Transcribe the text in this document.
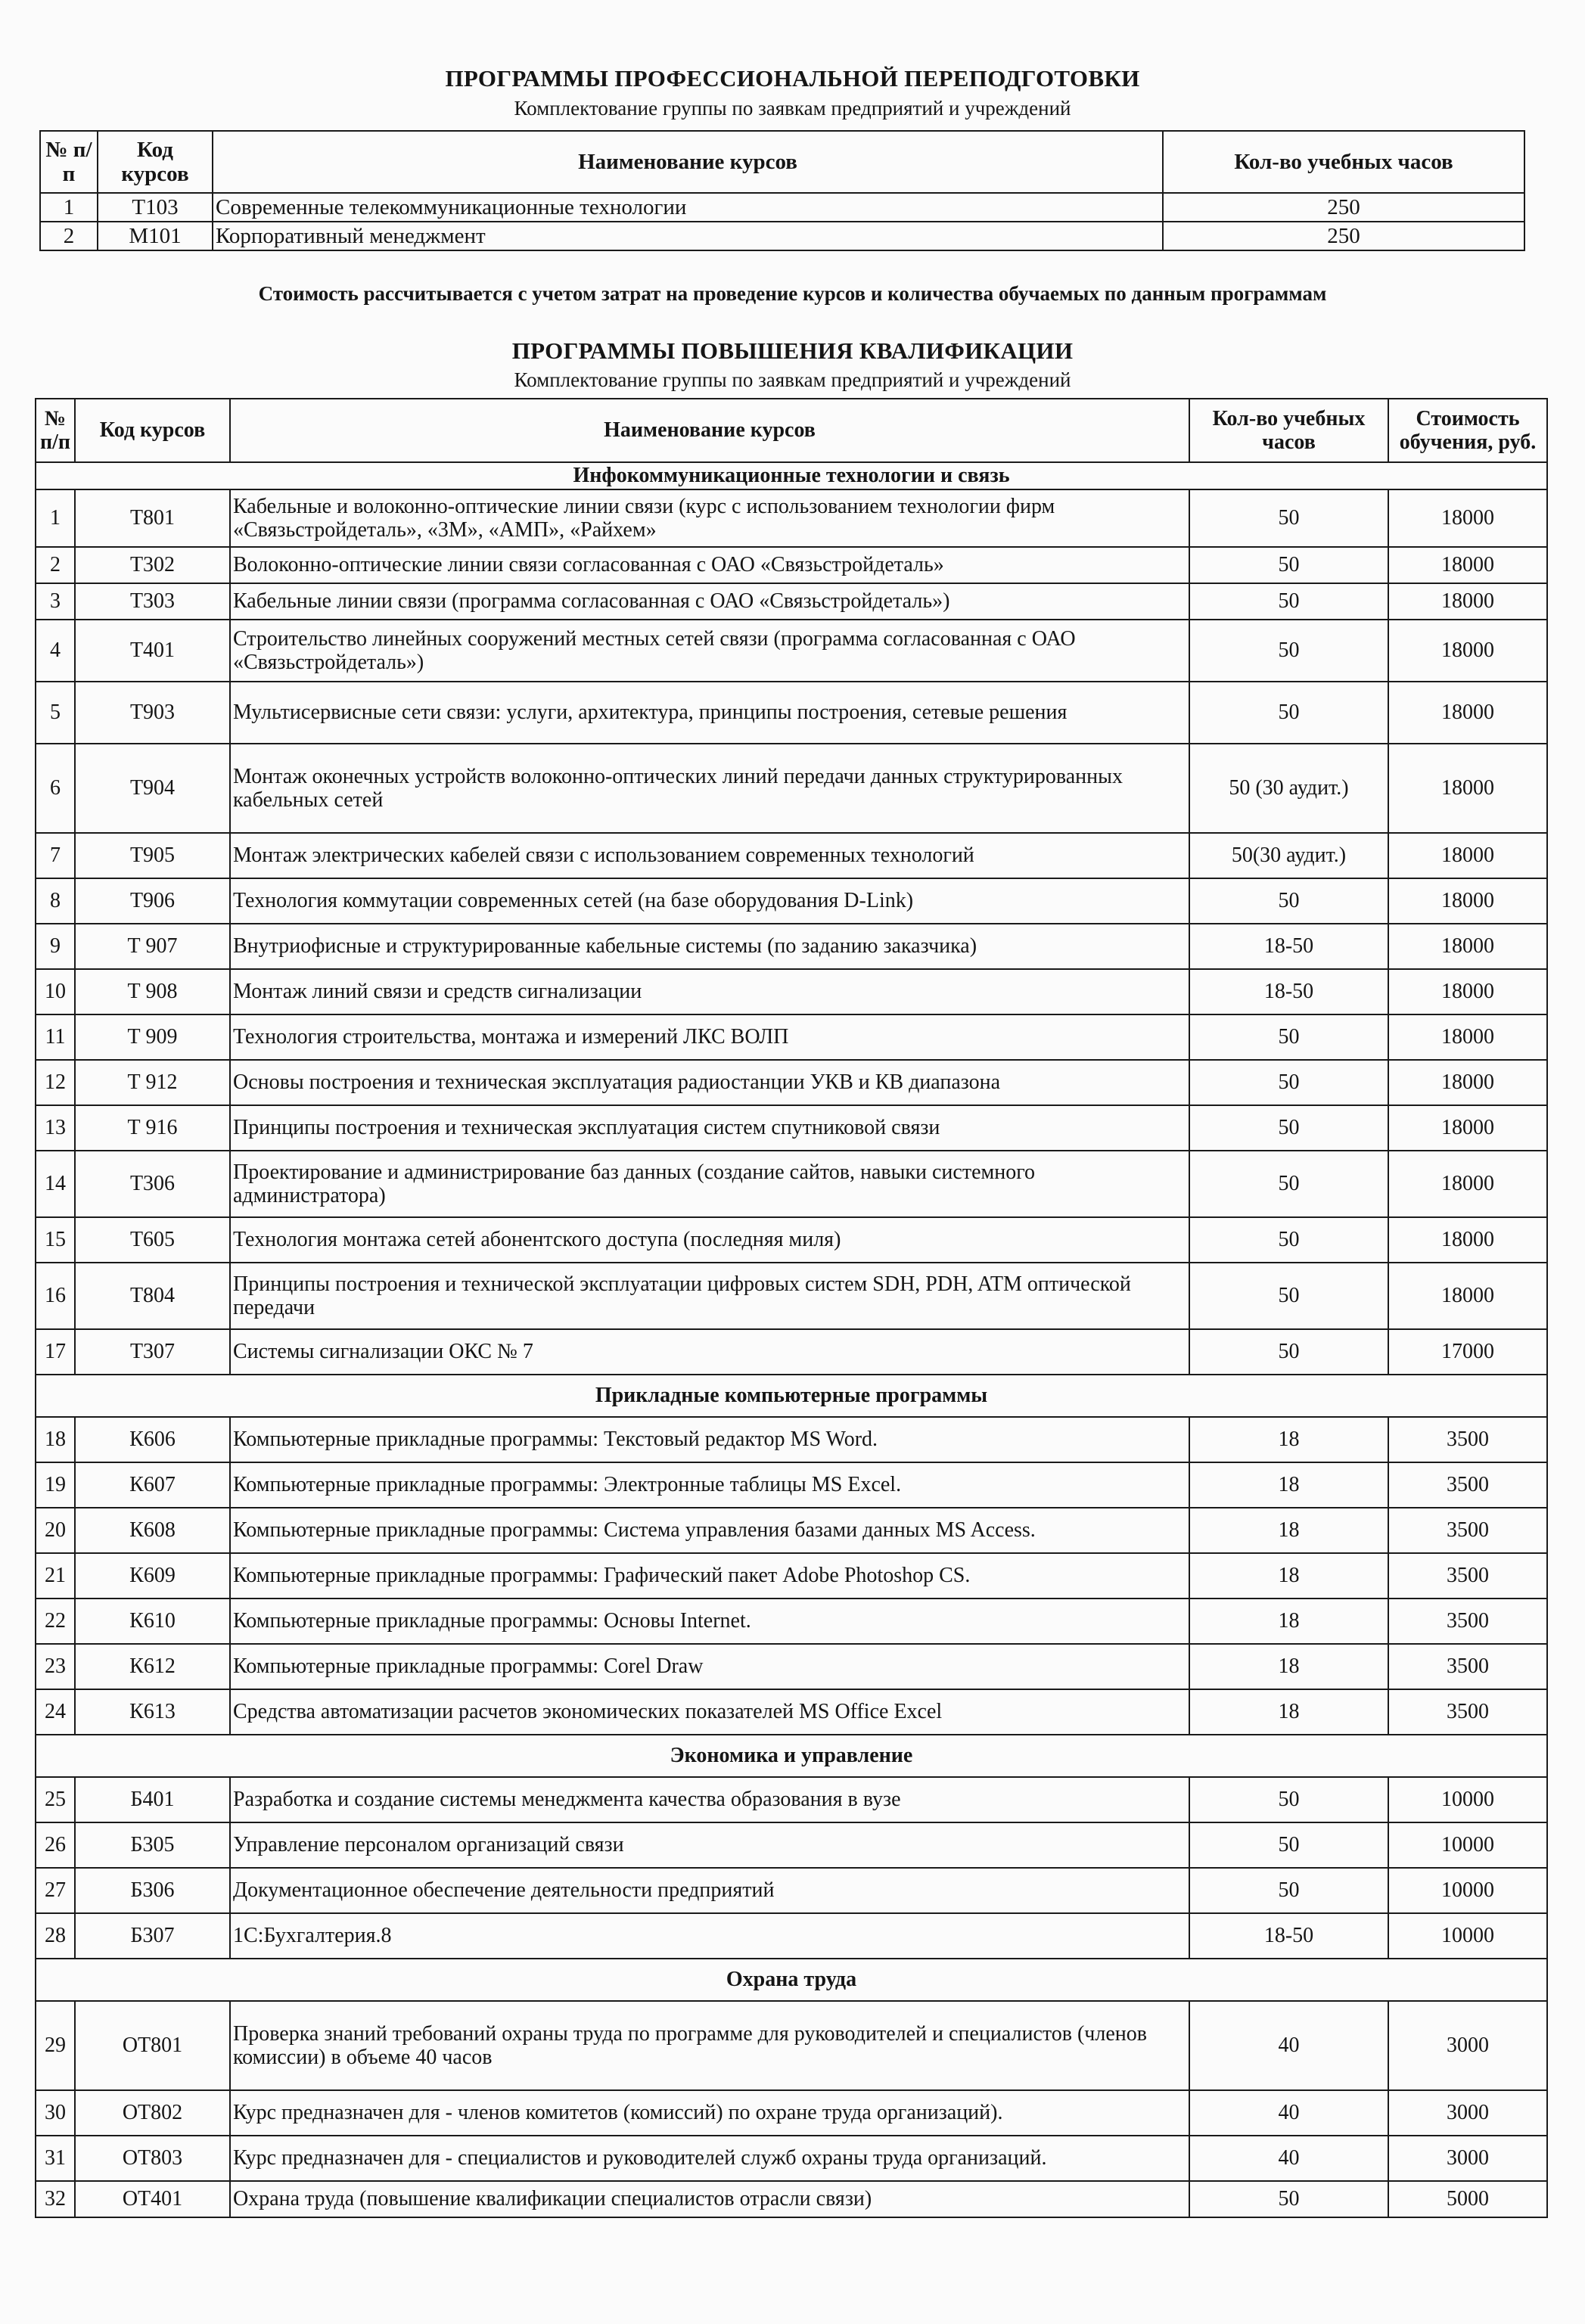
ПРОГРАММЫ ПРОФЕССИОНАЛЬНОЙ ПЕРЕПОДГОТОВКИ
Комплектование группы по заявкам предприятий и учреждений
№ п/п	Код курсов	Наименование курсов	Кол-во учебных часов
1	Т103	Современные телекоммуникационные технологии	250
2	М101	Корпоративный менеджмент	250
Стоимость рассчитывается с учетом затрат на проведение курсов и количества обучаемых по данным программам
ПРОГРАММЫ ПОВЫШЕНИЯ КВАЛИФИКАЦИИ
Комплектование группы по заявкам предприятий и учреждений
№ п/п	Код курсов	Наименование курсов	Кол-во учебных часов	Стоимость обучения, руб.
Инфокоммуникационные технологии и связь				
1	Т801	Кабельные и волоконно-оптические линии связи (курс с использованием технологии фирм «Связьстройдеталь», «3М», «АМП», «Райхем»	50	18000
2	Т302	Волоконно-оптические линии связи согласованная с ОАО «Связьстройдеталь»	50	18000
3	Т303	Кабельные линии связи (программа согласованная с ОАО «Связьстройдеталь»)	50	18000
4	Т401	Строительство линейных сооружений местных сетей связи (программа согласованная с ОАО «Связьстройдеталь»)	50	18000
5	Т903	Мультисервисные сети связи: услуги, архитектура, принципы построения, сетевые решения	50	18000
6	Т904	Монтаж оконечных устройств волоконно-оптических линий передачи данных структурированных кабельных сетей	50 (30 аудит.)	18000
7	Т905	Монтаж электрических кабелей связи с использованием современных технологий	50(30 аудит.)	18000
8	Т906	Технология коммутации современных сетей (на базе оборудования D-Link)	50	18000
9	Т 907	Внутриофисные и структурированные кабельные системы (по заданию заказчика)	18-50	18000
10	Т 908	Монтаж линий связи и средств сигнализации	18-50	18000
11	Т 909	Технология строительства, монтажа и измерений ЛКС ВОЛП	50	18000
12	Т 912	Основы построения и техническая эксплуатация радиостанции УКВ и КВ диапазона	50	18000
13	Т 916	Принципы построения и техническая эксплуатация систем спутниковой связи	50	18000
14	Т306	Проектирование и администрирование баз данных (создание сайтов, навыки системного администратора)	50	18000
15	Т605	Технология монтажа сетей абонентского доступа (последняя миля)	50	18000
16	Т804	Принципы построения и технической эксплуатации цифровых систем SDH, PDH, ATM оптической передачи	50	18000
17	Т307	Системы сигнализации ОКС № 7	50	17000
Прикладные компьютерные программы				
18	К606	Компьютерные прикладные программы: Текстовый редактор MS Word.	18	3500
19	К607	Компьютерные прикладные программы: Электронные таблицы MS Excel.	18	3500
20	К608	Компьютерные прикладные программы: Система управления базами данных MS Access.	18	3500
21	К609	Компьютерные прикладные программы: Графический пакет Adobe Photoshop CS.	18	3500
22	К610	Компьютерные прикладные программы: Основы Internet.	18	3500
23	К612	Компьютерные прикладные программы: Corel Draw	18	3500
24	К613	Средства автоматизации расчетов экономических показателей MS Office Excel	18	3500
Экономика и управление				
25	Б401	Разработка и создание системы менеджмента качества образования в вузе	50	10000
26	Б305	Управление персоналом организаций связи	50	10000
27	Б306	Документационное обеспечение деятельности предприятий	50	10000
28	Б307	1С:Бухгалтерия.8	18-50	10000
Охрана труда				
29	ОТ801	Проверка знаний требований охраны труда по программе для руководителей и специалистов (членов комиссии) в объеме 40 часов	40	3000
30	ОТ802	Курс предназначен для - членов комитетов (комиссий) по охране труда организаций).	40	3000
31	ОТ803	Курс предназначен для - специалистов и руководителей служб охраны труда организаций.	40	3000
32	ОТ401	Охрана труда (повышение квалификации специалистов отрасли связи)	50	5000
